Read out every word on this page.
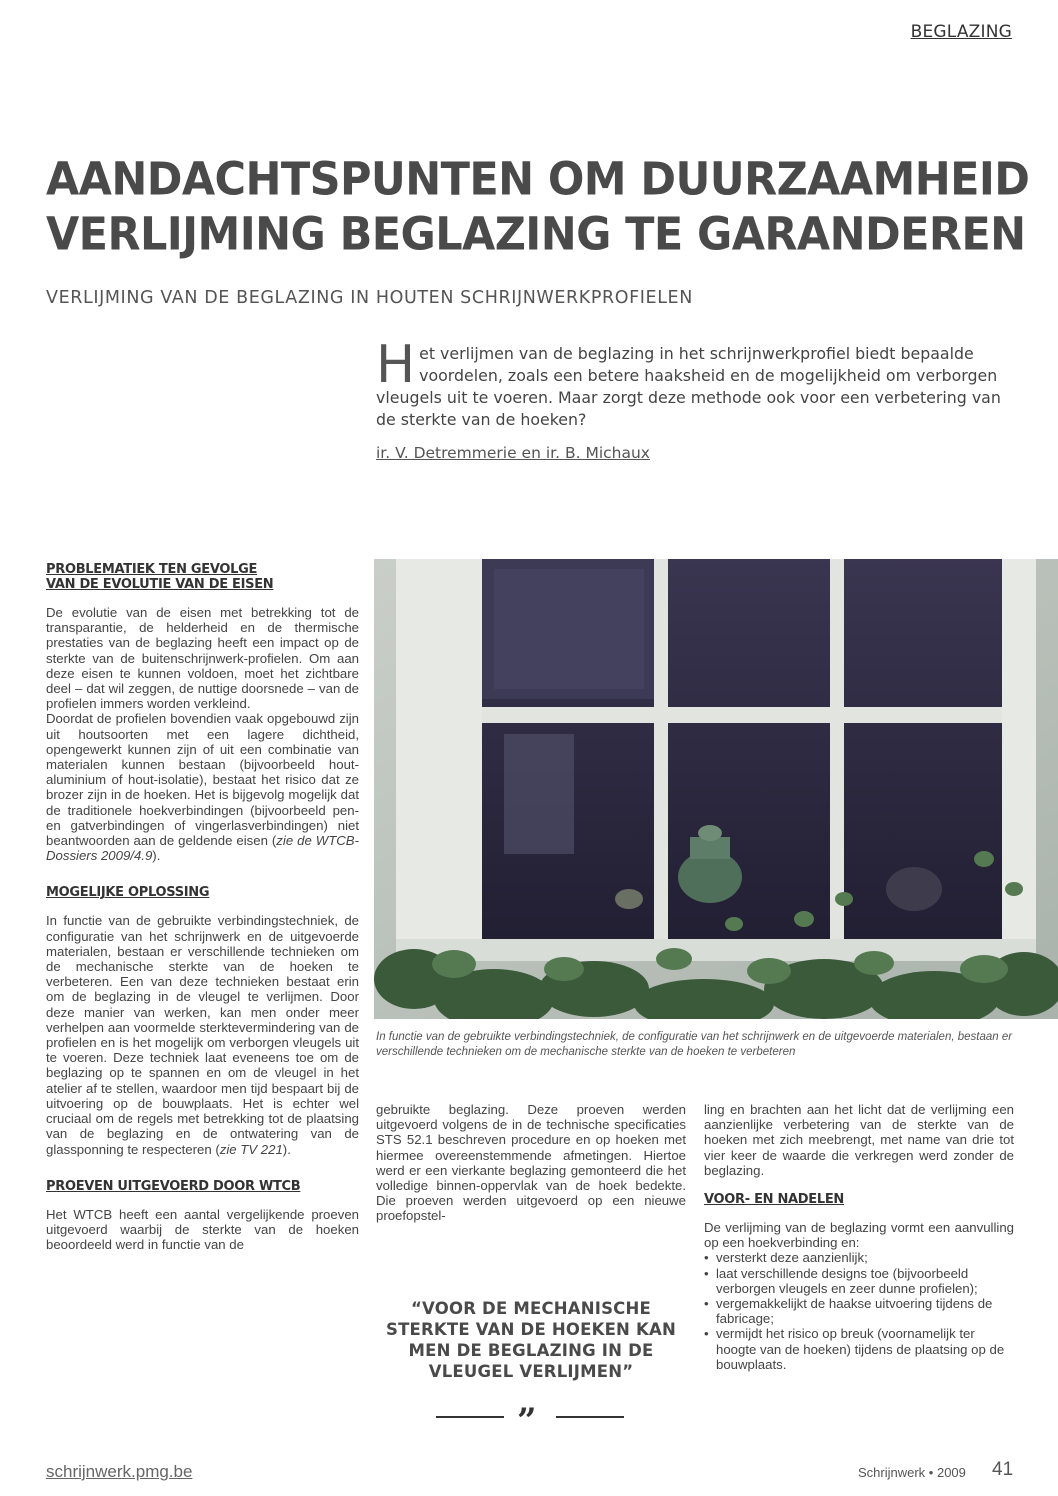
BEGLAZING
AANDACHTSPUNTEN OM DUURZAAMHEID
VERLIJMING BEGLAZING TE GARANDEREN
VERLIJMING VAN DE BEGLAZING IN HOUTEN SCHRIJNWERKPROFIELEN
Het verlijmen van de beglazing in het schrijnwerkprofiel biedt bepaalde voordelen, zoals een betere haaksheid en de mogelijkheid om verborgen vleugels uit te voeren. Maar zorgt deze methode ook voor een verbetering van de sterkte van de hoeken?
ir. V. Detremmerie en ir. B. Michaux
PROBLEMATIEK TEN GEVOLGE
VAN DE EVOLUTIE VAN DE EISEN

De evolutie van de eisen met betrekking tot de transparantie, de helderheid en de thermische prestaties van de beglazing heeft een impact op de sterkte van de buitenschrijnwerk-profielen. Om aan deze eisen te kunnen voldoen, moet het zichtbare deel – dat wil zeggen, de nuttige doorsnede – van de profielen immers worden verkleind.

Doordat de profielen bovendien vaak opgebouwd zijn uit houtsoorten met een lagere dichtheid, opengewerkt kunnen zijn of uit een combinatie van materialen kunnen bestaan (bijvoorbeeld hout-aluminium of hout-isolatie), bestaat het risico dat ze brozer zijn in de hoeken. Het is bijgevolg mogelijk dat de traditionele hoekverbindingen (bijvoorbeeld pen-en gatverbindingen of vingerlasverbindingen) niet beantwoorden aan de geldende eisen (zie de WTCB-Dossiers 2009/4.9).

MOGELIJKE OPLOSSING

In functie van de gebruikte verbindingstechniek, de configuratie van het schrijnwerk en de uitgevoerde materialen, bestaan er verschillende technieken om de mechanische sterkte van de hoeken te verbeteren. Een van deze technieken bestaat erin om de beglazing in de vleugel te verlijmen. Door deze manier van werken, kan men onder meer verhelpen aan voormelde sterktevermindering van de profielen en is het mogelijk om verborgen vleugels uit te voeren. Deze techniek laat eveneens toe om de beglazing op te spannen en om de vleugel in het atelier af te stellen, waardoor men tijd bespaart bij de uitvoering op de bouwplaats. Het is echter wel cruciaal om de regels met betrekking tot de plaatsing van de beglazing en de ontwatering van de glassponning te respecteren (zie TV 221).

PROEVEN UITGEVOERD DOOR WTCB

Het WTCB heeft een aantal vergelijkende proeven uitgevoerd waarbij de sterkte van de hoeken beoordeeld werd in functie van de

In functie van de gebruikte verbindingstechniek, de configuratie van het schrijnwerk en de uitgevoerde materialen, bestaan er verschillende technieken om de mechanische sterkte van de hoeken te verbeteren

gebruikte beglazing. Deze proeven werden uitgevoerd volgens de in de technische specificaties STS 52.1 beschreven procedure en op hoeken met hiermee overeenstemmende afmetingen. Hiertoe werd er een vierkante beglazing gemonteerd die het volledige binnen-oppervlak van de hoek bedekte. Die proeven werden uitgevoerd op een nieuwe proefopstel-

“VOOR DE MECHANISCHE STERKTE VAN DE HOEKEN KAN MEN DE BEGLAZING IN DE VLEUGEL VERLIJMEN”
”

ling en brachten aan het licht dat de verlijming een aanzienlijke verbetering van de sterkte van de hoeken met zich meebrengt, met name van drie tot vier keer de waarde die verkregen werd zonder de beglazing.

VOOR- EN NADELEN

De verlijming van de beglazing vormt een aanvulling op een hoekverbinding en:

• versterkt deze aanzienlijk;
• laat verschillende designs toe (bijvoorbeeld verborgen vleugels en zeer dunne profielen);
• vergemakkelijkt de haakse uitvoering tijdens de fabricage;
• vermijdt het risico op breuk (voornamelijk ter hoogte van de hoeken) tijdens de plaatsing op de bouwplaats.
schrijnwerk.pmg.be	Schrijnwerk • 2009 41
